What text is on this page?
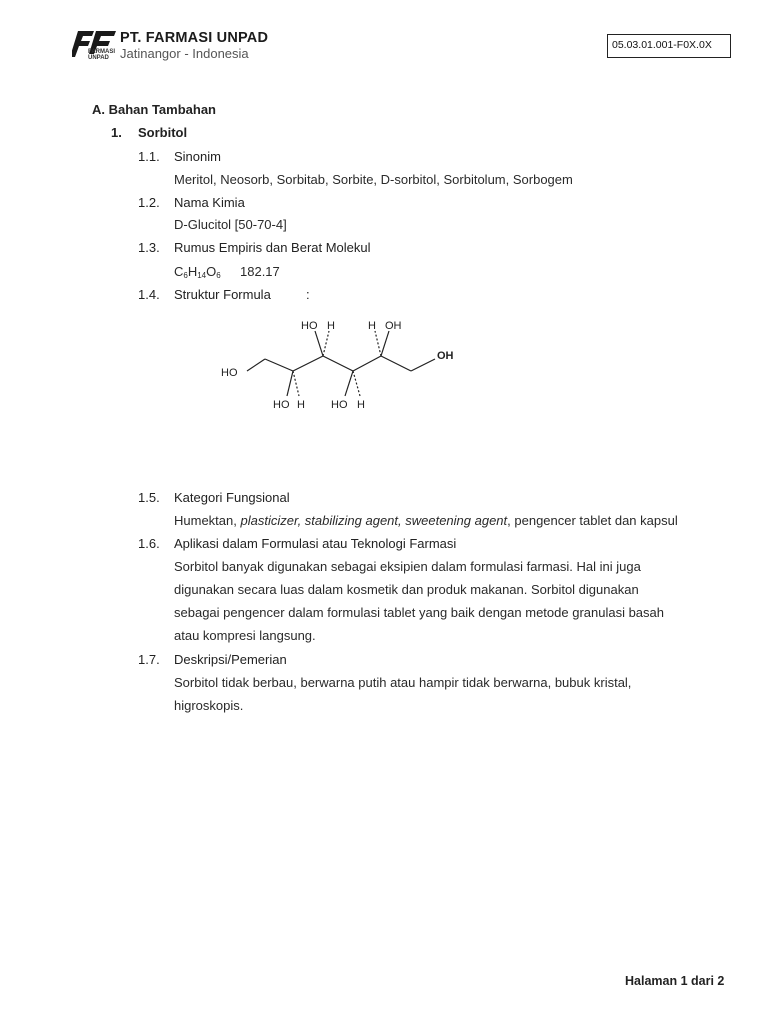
FARMASI UNPAD
PT. FARMASI UNPAD
Jatinangor - Indonesia
05.03.01.001-F0X.0X
A. Bahan Tambahan
1. Sorbitol
1.1. Sinonim
Meritol, Neosorb, Sorbitab, Sorbite, D-sorbitol, Sorbitolum, Sorbogem
1.2. Nama Kimia
D-Glucitol [50-70-4]
1.3. Rumus Empiris dan Berat Molekul
$C_6H_{14}O_6$ 182.17
1.4. Struktur Formula	:
HO
OH
HO H	H OH
HO H HO H
1.5. Kategori Fungsional
Humektan, plasticizer, stabilizing agent, sweetening agent, pengencer tablet dan kapsul
1.6. Aplikasi dalam Formulasi atau Teknologi Farmasi
Sorbitol banyak digunakan sebagai eksipien dalam formulasi farmasi. Hal ini juga
digunakan secara luas dalam kosmetik dan produk makanan. Sorbitol digunakan
sebagai pengencer dalam formulasi tablet yang baik dengan metode granulasi basah
atau kompresi langsung.
1.7. Deskripsi/Pemerian
Sorbitol tidak berbau, berwarna putih atau hampir tidak berwarna, bubuk kristal,
higroskopis.
Halaman 1 dari 2
